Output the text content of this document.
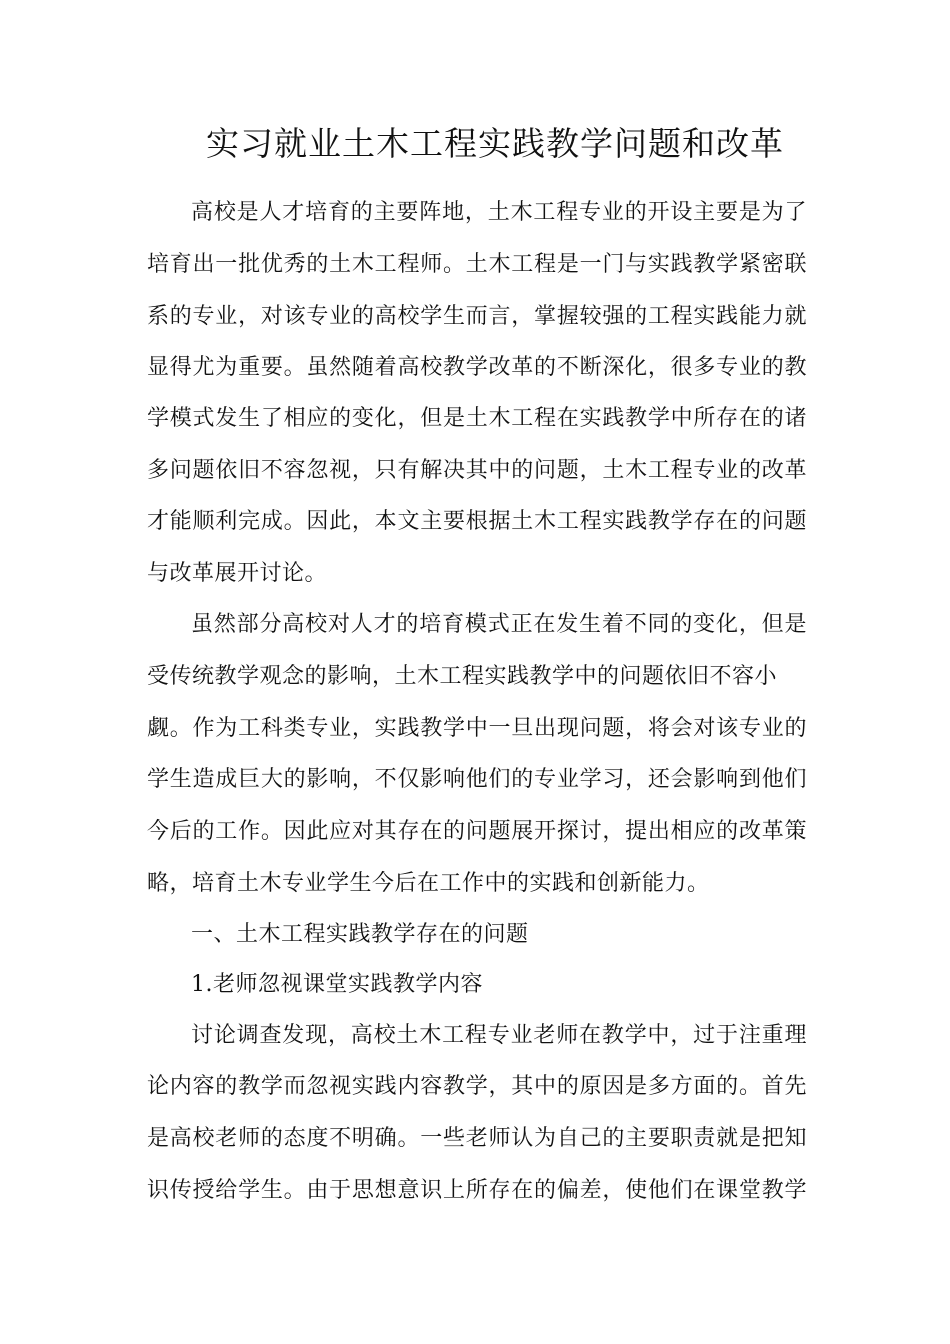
实习就业土木工程实践教学问题和改革
高校是人才培育的主要阵地，土木工程专业的开设主要是为了
培育出一批优秀的土木工程师。土木工程是一门与实践教学紧密联
系的专业，对该专业的高校学生而言，掌握较强的工程实践能力就
显得尤为重要。虽然随着高校教学改革的不断深化，很多专业的教
学模式发生了相应的变化，但是土木工程在实践教学中所存在的诸
多问题依旧不容忽视，只有解决其中的问题，土木工程专业的改革
才能顺利完成。因此，本文主要根据土木工程实践教学存在的问题
与改革展开讨论。
虽然部分高校对人才的培育模式正在发生着不同的变化，但是
受传统教学观念的影响，土木工程实践教学中的问题依旧不容小
觑。作为工科类专业，实践教学中一旦出现问题，将会对该专业的
学生造成巨大的影响，不仅影响他们的专业学习，还会影响到他们
今后的工作。因此应对其存在的问题展开探讨，提出相应的改革策
略，培育土木专业学生今后在工作中的实践和创新能力。
一、土木工程实践教学存在的问题
1.老师忽视课堂实践教学内容
讨论调查发现，高校土木工程专业老师在教学中，过于注重理
论内容的教学而忽视实践内容教学，其中的原因是多方面的。首先
是高校老师的态度不明确。一些老师认为自己的主要职责就是把知
识传授给学生。由于思想意识上所存在的偏差，使他们在课堂教学
